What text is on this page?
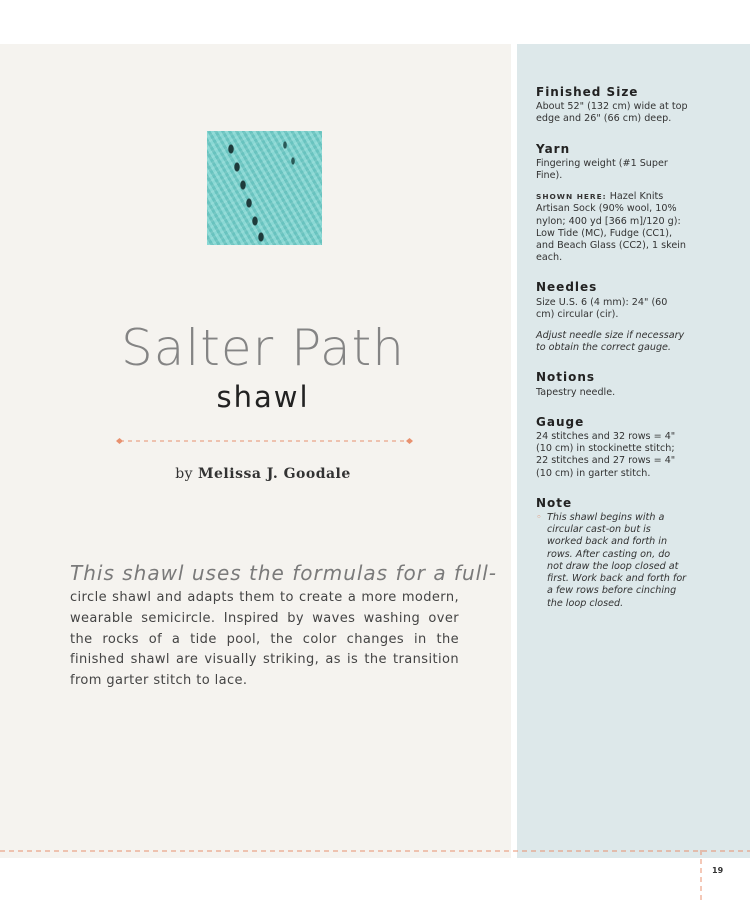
Salter Path
shawl
by Melissa J. Goodale
This shawl uses the formulas for a full-
circle shawl and adapts them to create a more modern, wearable semicircle. Inspired by waves washing over the rocks of a tide pool, the color changes in the finished shawl are visually striking, as is the transition from garter stitch to lace.
Finished Size

About 52" (132 cm) wide at top edge and 26" (66 cm) deep.

Yarn

Fingering weight (#1 Super Fine).

SHOWN HERE: Hazel Knits Artisan Sock (90% wool, 10% nylon; 400 yd [366 m]/120 g): Low Tide (MC), Fudge (CC1), and Beach Glass (CC2), 1 skein each.

Needles

Size U.S. 6 (4 mm): 24" (60 cm) circular (cir).

Adjust needle size if necessary to obtain the correct gauge.

Notions

Tapestry needle.

Gauge

24 stitches and 32 rows = 4" (10 cm) in stockinette stitch; 22 stitches and 27 rows = 4" (10 cm) in garter stitch.

Note
◦ This shawl begins with a circular cast-on but is worked back and forth in rows. After casting on, do not draw the loop closed at first. Work back and forth for a few rows before cinching the loop closed.
19
